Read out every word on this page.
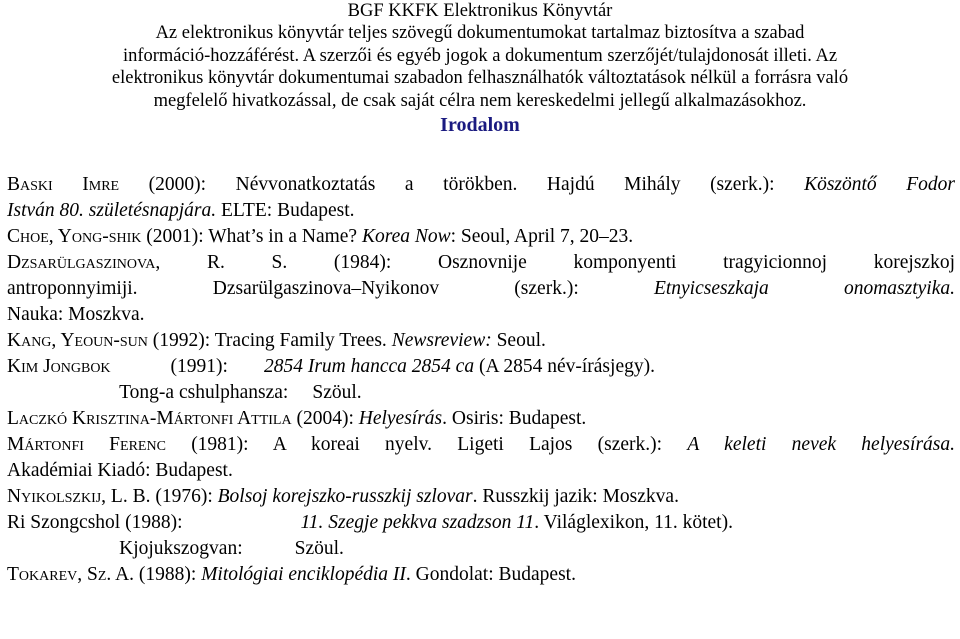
BGF KKFK Elektronikus Könyvtár
Az elektronikus könyvtár teljes szövegű dokumentumokat tartalmaz biztosítva a szabad
információ-hozzáférést. A szerzői és egyéb jogok a dokumentum szerzőjét/tulajdonosát illeti. Az
elektronikus könyvtár dokumentumai szabadon felhasználhatók változtatások nélkül a forrásra való
megfelelő hivatkozással, de csak saját célra nem kereskedelmi jellegű alkalmazásokhoz.
Irodalom
Baski Imre (2000): Névvonatkoztatás a törökben. Hajdú Mihály (szerk.): Köszöntő Fodor
István 80. születésnapjára. ELTE: Budapest.
Choe, Yong-shik (2001): What’s in a Name? Korea Now: Seoul, April 7, 20–23.
Dzsarülgaszinova, R. S. (1984): Osznovnije komponyenti tragyicionnoj korejszkoj
antroponnyimiji. Dzsarülgaszinova–Nyikonov (szerk.): Etnyicseszkaja onomasztyika.
Nauka: Moszkva.
Kang, Yeoun-sun (1992): Tracing Family Trees. Newsreview: Seoul.
Kim Jongbok	(1991): 2854 Irum hancca 2854 ca (A 2854 név-írásjegy).
Tong-a cshulphansza: Szöul.
Laczkó Krisztina-Mártonfi Attila (2004): Helyesírás. Osiris: Budapest.
Mártonfi Ferenc (1981): A koreai nyelv. Ligeti Lajos (szerk.): A keleti nevek helyesírása.
Akadémiai Kiadó: Budapest.
Nyikolszkij, L. B. (1976): Bolsoj korejszko-russzkij szlovar. Russzkij jazik: Moszkva.
Ri Szongcshol (1988):	11. Szegje pekkva szadzson 11. Világlexikon, 11. kötet).
Kjojukszogvan:	Szöul.
Tokarev, Sz. A. (1988): Mitológiai enciklopédia II. Gondolat: Budapest.
